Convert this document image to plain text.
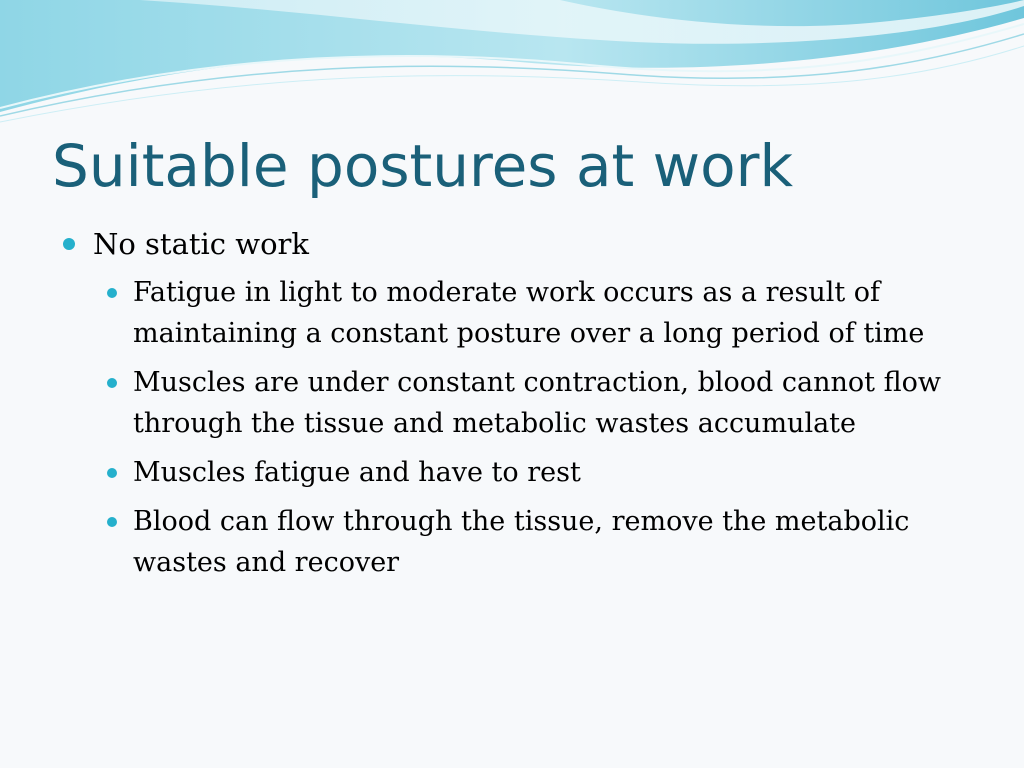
Suitable postures at work
No static work
Fatigue in light to moderate work occurs as a result of maintaining a constant posture over a long period of time
Muscles are under constant contraction, blood cannot flow through the tissue and metabolic wastes accumulate
Muscles fatigue and have to rest
Blood can flow through the tissue, remove the metabolic wastes and recover
